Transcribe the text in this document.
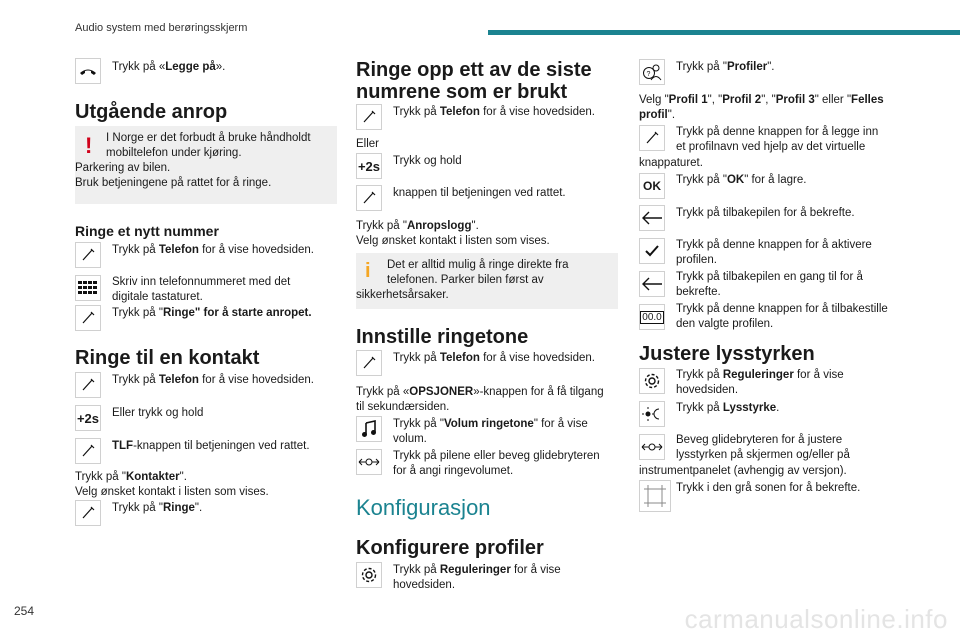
Audio system med berøringsskjerm
Trykk på «Legge på».
Utgående anrop
! I Norge er det forbudt å bruke håndholdt
mobiltelefon under kjøring.
Parkering av bilen.
Bruk betjeningene på rattet for å ringe.
Ringe et nytt nummer
Trykk på Telefon for å vise hovedsiden.
Skriv inn telefonnummeret med det
digitale tastaturet.
Trykk på "Ringe" for å starte anropet.
Ringe til en kontakt
Trykk på Telefon for å vise hovedsiden.
+2s Eller trykk og hold
TLF-knappen til betjeningen ved rattet.
Trykk på "Kontakter".
Velg ønsket kontakt i listen som vises.
Trykk på "Ringe".
Ringe opp ett av de siste
numrene som er brukt
Trykk på Telefon for å vise hovedsiden.
Eller
+2s Trykk og hold
knappen til betjeningen ved rattet.
Trykk på "Anropslogg".
Velg ønsket kontakt i listen som vises.
i Det er alltid mulig å ringe direkte fra
telefonen. Parker bilen først av
sikkerhetsårsaker.
Innstille ringetone
Trykk på Telefon for å vise hovedsiden.
Trykk på «OPSJONER»-knappen for å få tilgang
til sekundærsiden.
Trykk på "Volum ringetone" for å vise
volum.
Trykk på pilene eller beveg glidebryteren
for å angi ringevolumet.
Konfigurasjon
Konfigurere profiler
Trykk på Reguleringer for å vise
hovedsiden.
?
Trykk på "Profiler".
Velg "Profil 1", "Profil 2", "Profil 3" eller "Felles
profil".
Trykk på denne knappen for å legge inn
et profilnavn ved hjelp av det virtuelle
knappaturet.
OK Trykk på "OK" for å lagre.
Trykk på tilbakepilen for å bekrefte.
Trykk på denne knappen for å aktivere
profilen.
Trykk på tilbakepilen en gang til for å
bekrefte.
00.0
Trykk på denne knappen for å tilbakestille
den valgte profilen.
Justere lysstyrken
Trykk på Reguleringer for å vise
hovedsiden.
Trykk på Lysstyrke.
Beveg glidebryteren for å justere
lysstyrken på skjermen og/eller på
instrumentpanelet (avhengig av versjon).
Trykk i den grå sonen for å bekrefte.
254	carmanualsonline.info
